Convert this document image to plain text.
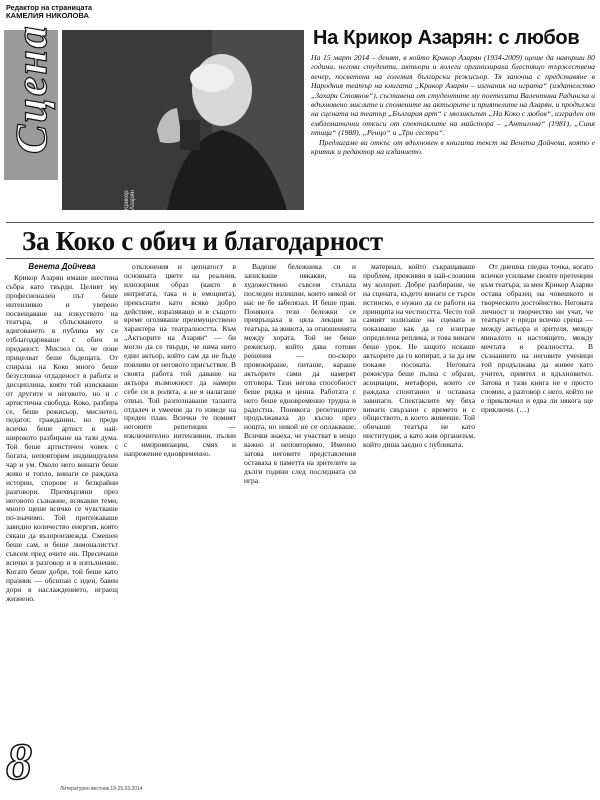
Редактор на страницата
КАМЕЛИЯ НИКОЛОВА
Сцена
Крикор Азарян
На Крикор Азарян: с любов

На 15 март 2014 – денят, в който Крикор Азарян (1934-2009) щеше да навърши 80 години, негови студенти, актьори и колеги организираха блестящо тържествена вечер, посветена на големия български режисьор. Тя започна с представяне в Народния театър на книгата „Крикор Азарян – изгнаник на играта“ (издателство „Захари Стоянов“), съставена от студентите му поетесата Валентина Радинска и вдъхновено мислите и спомените на актьорите и приятелите на Азарян, и продължи на сцената на театър „България арт“ с мюзикълът „На Коко с любов“, изграден от емблематични откъси от спектаклите на майстора – „Антигона“ (1981), „Синя птица“ (1988), „Ренцо“ и „Три сестри“.

Предлагаме ви откъс от вдъхновен в книгата текст на Венета Дойчева, която е критик и редактор на изданието.

За Коко с обич и благодарност
Венета Дойчева

Крикор Азарян имаше шестина събра като твърди. Целият му професионален път беше интензивно и уверено посвещаване на изкуството на театъра, и сблъскваното и вдиговането в публика му се отблагодаряваше с обич и преданост. Мислел си, че поне прицелват беше бъдещата. От спирала на Коко много беше безусловна отдаденост в работа и дисциплина, която той изискваше от другите и неговото, но и с артистична свобода. Коко, разбира се, беше режисьор, мислител, педагог, гражданин, но преди всичко беше артист в най-широкото разбиране на тази дума. Той беше артистичен човек с богата, неповторим индивидуален чар и ум. Около него винаги беше живо и топло, винаги се раждаха истории, спорове и безкрайни разговори. Прехвърляни през неговото съзнание, всякакви теми, много щеше всичко се чувстваше по-значимо. Той притежаваше завидно количество енергия, която сякаш да възпроизвежда. Смешен беше сам, и беше лимоналистът съвсем пред очите ни. Пресичаше всичко в разговор и в изпълнение. Когато беше добре, той беше като празник — обсипан с идеи, бавен дори в наслаждението, играещ жизнено.

отклонения и цепнатост в основната цвете на реалния, илюзорния образ (както в интригата, така и в емоцията), прекъснати като всяко добро действие, изразяващо и в същото време оголяваше преимуществено характера на театралността. Към „Актьорите на Азарян“ — би могло да се твърди, че няма нито един актьор, който сам да не бъде повлиян от неговото присъствие. В своята работа той даваше на актьора възможност да намери себе си в ролята, а не я налагаше отвън. Той разпознаваше таланта отдалеч и умееше да го изведе на преден план. Всички те помнят неговите репетиции — изключително интензивни, пълни с импровизации, смях и напрежение едновременно.

Вадеше бележника си и записваше някакви, на художествено съвсем стъпала последен излишни, които никой от нас не бе забелязал. И беше прав. Понякога тези бележки се превръщаха в цяла лекция за театъра, за живота, за отношенията между хората. Той не беше режисьор, който дава готови решения — по-скоро провокираше, питаше, караше актьорите сами да намерят отговора. Тази негова способност беше рядка и ценна. Работата с него беше едновременно трудна и радостна. Понякога репетициите продължаваха до късно през нощта, но никой не се оплакваше. Всички знаеха, че участват в нещо важно и неповторимо. Именно затова неговите представления оставаха в паметта на зрителите за дълги години след последната си игра.

материал, който съкращаваше проблем, преживян в най-сложния му колорит. Добре разбираше, че на сцената, където винаги се търси истинско, е нужно да се работи на принципа на честността. Често той самият излизаше на сцената и показваше как да се изиграе определена реплика, и това винаги беше урок. Не защото искаше актьорите да го копират, а за да им покаже посоката. Неговата режисура беше пълна с образи, асоциации, метафори, които се раждаха спонтанно и оставаха завинаги. Спектаклите му бяха винаги свързани с времето и с обществото, в което живееше. Той обичаше театъра не като институция, а като жив организъм, който диша заедно с публиката.

От днешна гледна точка, когато всички усилваме своите претенции към театъра, за мен Крикор Азарян остава образец на човешкото и творческото достойнство. Неговата личност и творчество ни учат, че театърът е преди всичко среща — между актьора и зрителя, между миналото и настоящето, между мечтата и реалността. В съзнанието на неговите ученици той продължава да живее като учител, приятел и вдъхновител. Затова и тази книга не е просто спомен, а разговор с него, който не е приключил и едва ли някога ще приключи. (…)

8	Литературен вестник 19-25.03.2014
